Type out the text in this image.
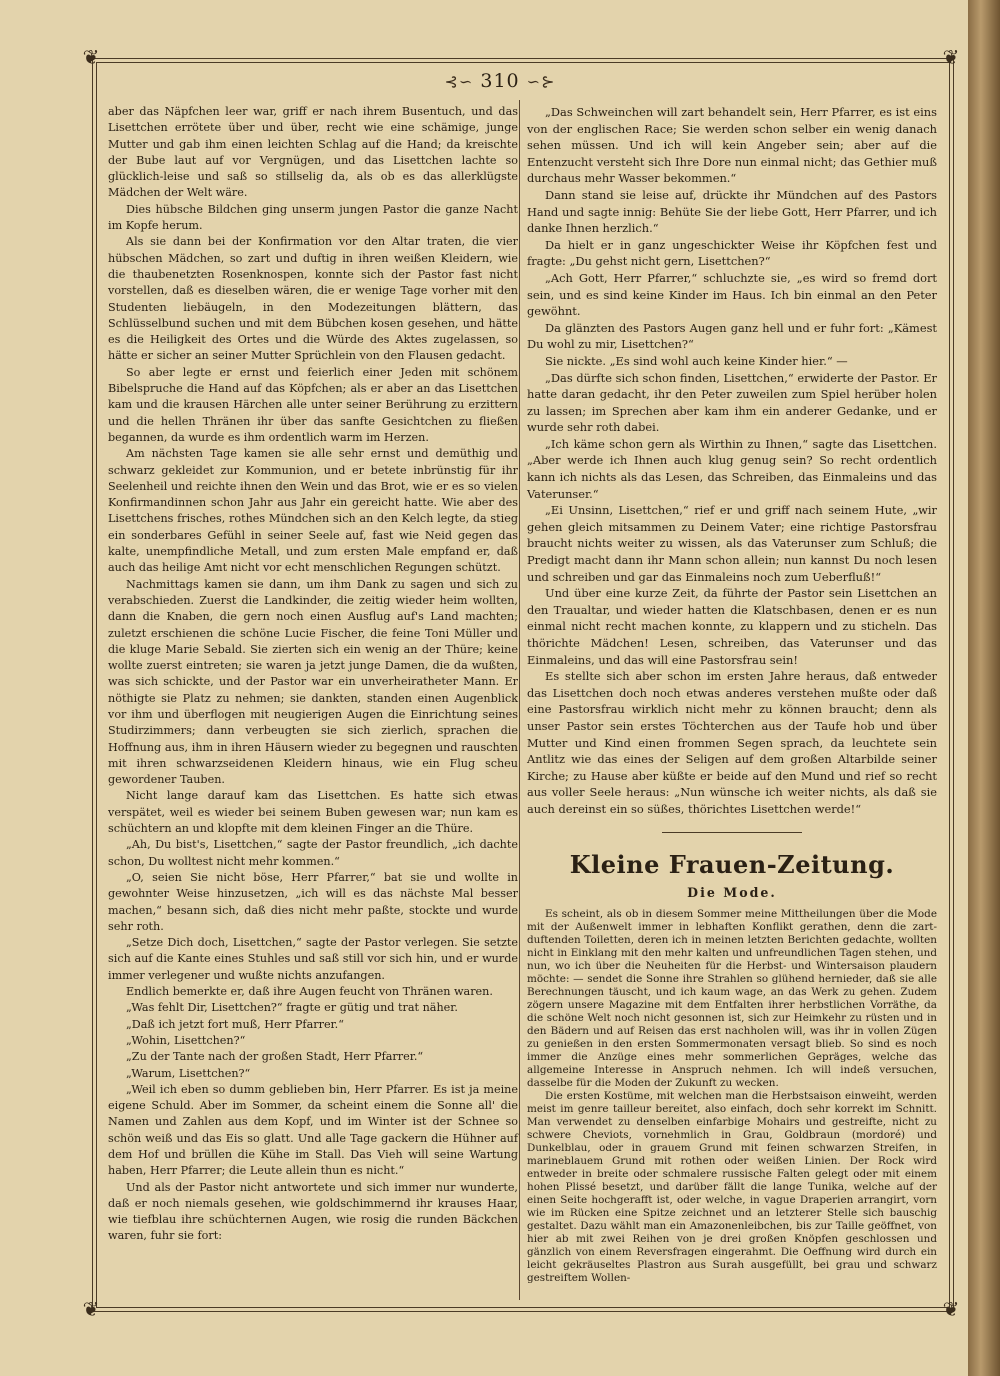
❦	❦
❦	❦
⊰∽ 310 ∽⊱

aber das Näpfchen leer war, griff er nach ihrem Busentuch, und das Lisettchen errötete über und über, recht wie eine schämige, junge Mutter und gab ihm einen leichten Schlag auf die Hand; da kreischte der Bube laut auf vor Vergnügen, und das Lisettchen lachte so glücklich-leise und saß so stillselig da, als ob es das allerklügste Mädchen der Welt wäre.

Dies hübsche Bildchen ging unserm jungen Pastor die ganze Nacht im Kopfe herum.

Als sie dann bei der Konfirmation vor den Altar traten, die vier hübschen Mädchen, so zart und duftig in ihren weißen Kleidern, wie die thaubenetzten Rosenknospen, konnte sich der Pastor fast nicht vorstellen, daß es dieselben wären, die er wenige Tage vorher mit den Studenten liebäugeln, in den Modezeitungen blättern, das Schlüsselbund suchen und mit dem Bübchen kosen gesehen, und hätte es die Heiligkeit des Ortes und die Würde des Aktes zugelassen, so hätte er sicher an seiner Mutter Sprüchlein von den Flausen gedacht.

So aber legte er ernst und feierlich einer Jeden mit schönem Bibelspruche die Hand auf das Köpfchen; als er aber an das Lisettchen kam und die krausen Härchen alle unter seiner Berührung zu erzittern und die hellen Thränen ihr über das sanfte Gesichtchen zu fließen begannen, da wurde es ihm ordentlich warm im Herzen.

Am nächsten Tage kamen sie alle sehr ernst und demüthig und schwarz gekleidet zur Kommunion, und er betete inbrünstig für ihr Seelenheil und reichte ihnen den Wein und das Brot, wie er es so vielen Konfirmandinnen schon Jahr aus Jahr ein gereicht hatte. Wie aber des Lisettchens frisches, rothes Mündchen sich an den Kelch legte, da stieg ein sonderbares Gefühl in seiner Seele auf, fast wie Neid gegen das kalte, unempfindliche Metall, und zum ersten Male empfand er, daß auch das heilige Amt nicht vor echt menschlichen Regungen schützt.

Nachmittags kamen sie dann, um ihm Dank zu sagen und sich zu verabschieden. Zuerst die Landkinder, die zeitig wieder heim wollten, dann die Knaben, die gern noch einen Ausflug auf's Land machten; zuletzt erschienen die schöne Lucie Fischer, die feine Toni Müller und die kluge Marie Sebald. Sie zierten sich ein wenig an der Thüre; keine wollte zuerst eintreten; sie waren ja jetzt junge Damen, die da wußten, was sich schickte, und der Pastor war ein unverheiratheter Mann. Er nöthigte sie Platz zu nehmen; sie dankten, standen einen Augenblick vor ihm und überflogen mit neugierigen Augen die Einrichtung seines Studirzimmers; dann verbeugten sie sich zierlich, sprachen die Hoffnung aus, ihm in ihren Häusern wieder zu begegnen und rauschten mit ihren schwarzseidenen Kleidern hinaus, wie ein Flug scheu gewordener Tauben.

Nicht lange darauf kam das Lisettchen. Es hatte sich etwas verspätet, weil es wieder bei seinem Buben gewesen war; nun kam es schüchtern an und klopfte mit dem kleinen Finger an die Thüre.

„Ah, Du bist's, Lisettchen,“ sagte der Pastor freundlich, „ich dachte schon, Du wolltest nicht mehr kommen.“

„O, seien Sie nicht böse, Herr Pfarrer,“ bat sie und wollte in gewohnter Weise hinzusetzen, „ich will es das nächste Mal besser machen,“ besann sich, daß dies nicht mehr paßte, stockte und wurde sehr roth.

„Setze Dich doch, Lisettchen,“ sagte der Pastor verlegen. Sie setzte sich auf die Kante eines Stuhles und saß still vor sich hin, und er wurde immer verlegener und wußte nichts anzufangen.

Endlich bemerkte er, daß ihre Augen feucht von Thränen waren.

„Was fehlt Dir, Lisettchen?“ fragte er gütig und trat näher.

„Daß ich jetzt fort muß, Herr Pfarrer.“

„Wohin, Lisettchen?“

„Zu der Tante nach der großen Stadt, Herr Pfarrer.“

„Warum, Lisettchen?“

„Weil ich eben so dumm geblieben bin, Herr Pfarrer. Es ist ja meine eigene Schuld. Aber im Sommer, da scheint einem die Sonne all' die Namen und Zahlen aus dem Kopf, und im Winter ist der Schnee so schön weiß und das Eis so glatt. Und alle Tage gackern die Hühner auf dem Hof und brüllen die Kühe im Stall. Das Vieh will seine Wartung haben, Herr Pfarrer; die Leute allein thun es nicht.“

Und als der Pastor nicht antwortete und sich immer nur wunderte, daß er noch niemals gesehen, wie goldschimmernd ihr krauses Haar, wie tiefblau ihre schüchternen Augen, wie rosig die runden Bäckchen waren, fuhr sie fort:

„Das Schweinchen will zart behandelt sein, Herr Pfarrer, es ist eins von der englischen Race; Sie werden schon selber ein wenig danach sehen müssen. Und ich will kein Angeber sein; aber auf die Entenzucht versteht sich Ihre Dore nun einmal nicht; das Gethier muß durchaus mehr Wasser bekommen.“

Dann stand sie leise auf, drückte ihr Mündchen auf des Pastors Hand und sagte innig: Behüte Sie der liebe Gott, Herr Pfarrer, und ich danke Ihnen herzlich.“

Da hielt er in ganz ungeschickter Weise ihr Köpfchen fest und fragte: „Du gehst nicht gern, Lisettchen?“

„Ach Gott, Herr Pfarrer,“ schluchzte sie, „es wird so fremd dort sein, und es sind keine Kinder im Haus. Ich bin einmal an den Peter gewöhnt.

Da glänzten des Pastors Augen ganz hell und er fuhr fort: „Kämest Du wohl zu mir, Lisettchen?“

Sie nickte. „Es sind wohl auch keine Kinder hier.“ —

„Das dürfte sich schon finden, Lisettchen,“ erwiderte der Pastor. Er hatte daran gedacht, ihr den Peter zuweilen zum Spiel herüber holen zu lassen; im Sprechen aber kam ihm ein anderer Gedanke, und er wurde sehr roth dabei.

„Ich käme schon gern als Wirthin zu Ihnen,“ sagte das Lisettchen. „Aber werde ich Ihnen auch klug genug sein? So recht ordentlich kann ich nichts als das Lesen, das Schreiben, das Einmaleins und das Vaterunser.“

„Ei Unsinn, Lisettchen,“ rief er und griff nach seinem Hute, „wir gehen gleich mitsammen zu Deinem Vater; eine richtige Pastorsfrau braucht nichts weiter zu wissen, als das Vaterunser zum Schluß; die Predigt macht dann ihr Mann schon allein; nun kannst Du noch lesen und schreiben und gar das Einmaleins noch zum Ueberfluß!“

Und über eine kurze Zeit, da führte der Pastor sein Lisettchen an den Traualtar, und wieder hatten die Klatschbasen, denen er es nun einmal nicht recht machen konnte, zu klappern und zu sticheln. Das thörichte Mädchen! Lesen, schreiben, das Vaterunser und das Einmaleins, und das will eine Pastorsfrau sein!

Es stellte sich aber schon im ersten Jahre heraus, daß entweder das Lisettchen doch noch etwas anderes verstehen mußte oder daß eine Pastorsfrau wirklich nicht mehr zu können braucht; denn als unser Pastor sein erstes Töchterchen aus der Taufe hob und über Mutter und Kind einen frommen Segen sprach, da leuchtete sein Antlitz wie das eines der Seligen auf dem großen Altarbilde seiner Kirche; zu Hause aber küßte er beide auf den Mund und rief so recht aus voller Seele heraus: „Nun wünsche ich weiter nichts, als daß sie auch dereinst ein so süßes, thörichtes Lisettchen werde!“

Kleine Frauen-Zeitung.
Die Mode.

Es scheint, als ob in diesem Sommer meine Mittheilungen über die Mode mit der Außenwelt immer in lebhaften Konflikt gerathen, denn die zart-duftenden Toiletten, deren ich in meinen letzten Berichten gedachte, wollten nicht in Einklang mit den mehr kalten und unfreundlichen Tagen stehen, und nun, wo ich über die Neuheiten für die Herbst- und Wintersaison plaudern möchte: — sendet die Sonne ihre Strahlen so glühend hernieder, daß sie alle Berechnungen täuscht, und ich kaum wage, an das Werk zu gehen. Zudem zögern unsere Magazine mit dem Entfalten ihrer herbstlichen Vorräthe, da die schöne Welt noch nicht gesonnen ist, sich zur Heimkehr zu rüsten und in den Bädern und auf Reisen das erst nachholen will, was ihr in vollen Zügen zu genießen in den ersten Sommermonaten versagt blieb. So sind es noch immer die Anzüge eines mehr sommerlichen Gepräges, welche das allgemeine Interesse in Anspruch nehmen. Ich will indeß versuchen, dasselbe für die Moden der Zukunft zu wecken.

Die ersten Kostüme, mit welchen man die Herbstsaison einweiht, werden meist im genre tailleur bereitet, also einfach, doch sehr korrekt im Schnitt. Man verwendet zu denselben einfarbige Mohairs und gestreifte, nicht zu schwere Cheviots, vornehmlich in Grau, Goldbraun (mordoré) und Dunkelblau, oder in grauem Grund mit feinen schwarzen Streifen, in marineblauem Grund mit rothen oder weißen Linien. Der Rock wird entweder in breite oder schmalere russische Falten gelegt oder mit einem hohen Plissé besetzt, und darüber fällt die lange Tunika, welche auf der einen Seite hochgerafft ist, oder welche, in vague Draperien arrangirt, vorn wie im Rücken eine Spitze zeichnet und an letzterer Stelle sich bauschig gestaltet. Dazu wählt man ein Amazonenleibchen, bis zur Taille geöffnet, von hier ab mit zwei Reihen von je drei großen Knöpfen geschlossen und gänzlich von einem Reversfragen eingerahmt. Die Oeffnung wird durch ein leicht gekräuseltes Plastron aus Surah ausgefüllt, bei grau und schwarz gestreiftem Wollen-
